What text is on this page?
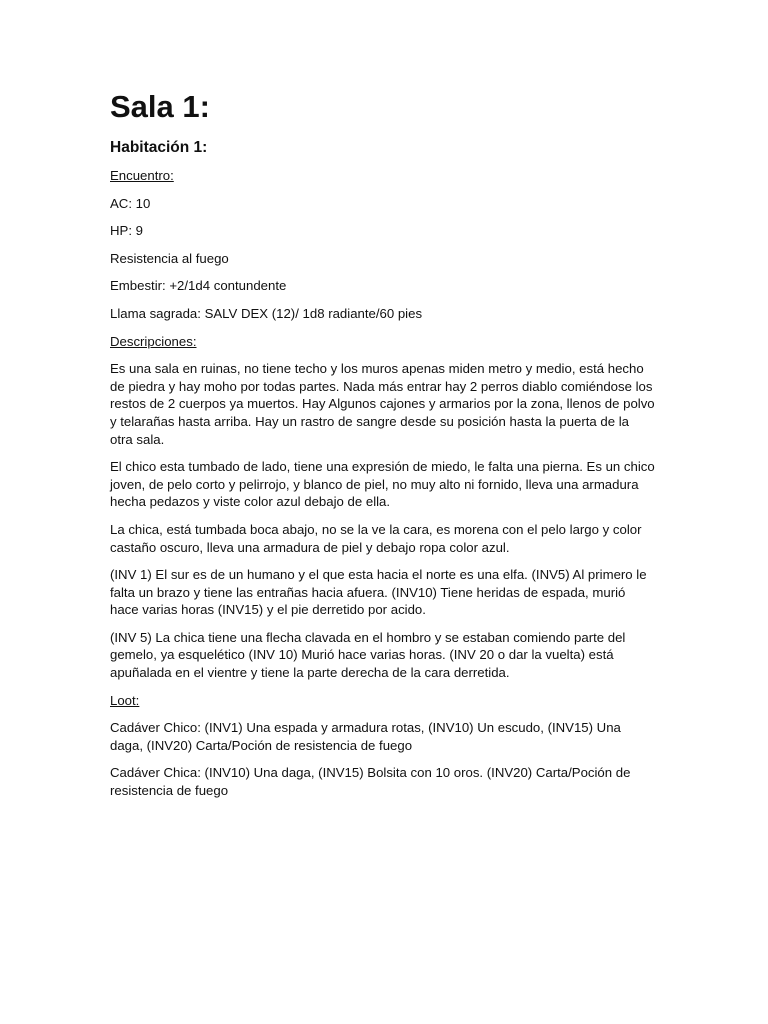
Sala 1:
Habitación 1:
Encuentro:
AC: 10
HP: 9
Resistencia al fuego
Embestir: +2/1d4 contundente
Llama sagrada: SALV DEX (12)/ 1d8 radiante/60 pies
Descripciones:
Es una sala en ruinas, no tiene techo y los muros apenas miden metro y medio, está hecho de piedra y hay moho por todas partes. Nada más entrar hay 2 perros diablo comiéndose los restos de 2 cuerpos ya muertos. Hay Algunos cajones y armarios por la zona, llenos de polvo y telarañas hasta arriba. Hay un rastro de sangre desde su posición hasta la puerta de la otra sala.
El chico esta tumbado de lado, tiene una expresión de miedo, le falta una pierna. Es un chico joven, de pelo corto y pelirrojo, y blanco de piel, no muy alto ni fornido, lleva una armadura hecha pedazos y viste color azul debajo de ella.
La chica, está tumbada boca abajo, no se la ve la cara, es morena con el pelo largo y color castaño oscuro, lleva una armadura de piel y debajo ropa color azul.
(INV 1) El sur es de un humano y el que esta hacia el norte es una elfa. (INV5) Al primero le falta un brazo y tiene las entrañas hacia afuera. (INV10) Tiene heridas de espada, murió hace varias horas (INV15) y el pie derretido por acido.
(INV 5) La chica tiene una flecha clavada en el hombro y se estaban comiendo parte del gemelo, ya esquelético (INV 10) Murió hace varias horas. (INV 20 o dar la vuelta) está apuñalada en el vientre y tiene la parte derecha de la cara derretida.
Loot:
Cadáver Chico: (INV1) Una espada y armadura rotas, (INV10) Un escudo, (INV15) Una daga, (INV20) Carta/Poción de resistencia de fuego
Cadáver Chica: (INV10) Una daga, (INV15) Bolsita con 10 oros. (INV20) Carta/Poción de resistencia de fuego
